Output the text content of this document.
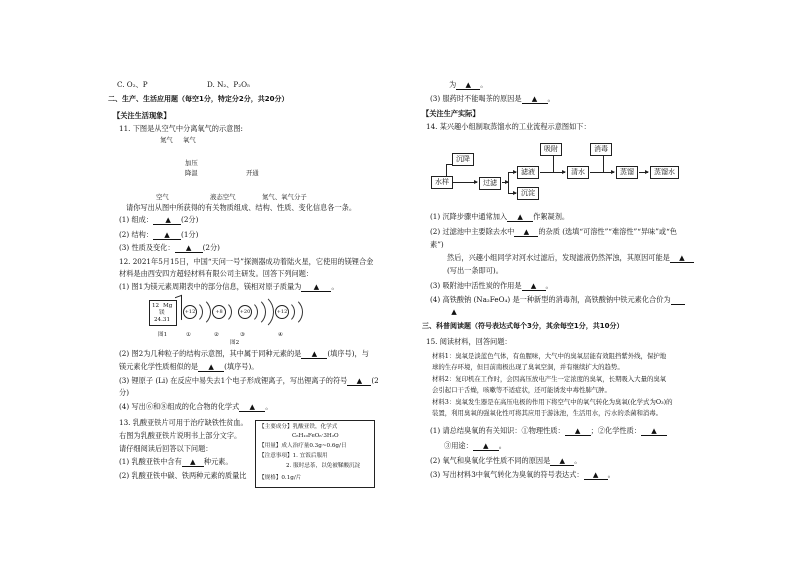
C. O₂、P	D. N₂、P₂O₅
二、生产、生活应用题（每空1分，特定分2分，共20分）
【关注生活现象】
11. 下图是从空气中分离氧气的示意图:
氮气 氧气
加压
降温	开通
空气	液态空气	氮气、氧气分子
请你写出从图中所获得的有关物质组成、结构、性质、变化信息各一条。
(1) 组成： ▲ (2分)
(2) 结构： ▲ (1分)
(3) 性质及变化： ▲ (2分)
12. 2021年5月15日，中国“天问一号”探测器成功着陆火星，它使用的镁锂合金
材料是由西安四方超轻材料有限公司主研发。回答下列问题：
(1) 图1为镁元素周期表中的部分信息，镁相对原子质量为 ▲ 。
12 Mg
镁
24.31
图1
+12	+8	+20	+12
①	②	③	④
图2
(2) 图2为几种粒子的结构示意图，其中属于同种元素的是 ▲ (填序号)，与
镁元素化学性质相似的是 ▲ (填序号)。
(3) 锂原子 (Li) 在反应中易失去1个电子形成锂离子，写出锂离子的符号 ▲ (2
分)
(4) 写出⑥和⑧组成的化合物的化学式 ▲ 。
13. 乳酸亚铁片可用于治疗缺铁性贫血。
右图为乳酸亚铁片说明书上部分文字。
请仔细阅读后回答以下问题：
(1) 乳酸亚铁中含有 ▲ 种元素。
(2) 乳酸亚铁中碳、铁两种元素的质量比
【主要成分】乳酸亚铁，化学式
C₆H₁₀FeO₆·3H₂O
【用量】成人治疗量0.3g~0.6g/日
【注意事项】1. 宜饭后服用
2. 服时忌茶，以免被鞣酸沉淀
【规格】0.1g/片
为 ▲ 。
(3) 服药时不能喝茶的原因是 ▲ 。
【关注生产实际】
14. 某兴趣小组制取蒸馏水的工业流程示意图如下：
水样
沉降
过滤
滤液
沉淀
吸附
清水
消毒
蒸馏	蒸馏水
(1) 沉降步骤中通常加入 ▲ 作絮凝剂。
(2) 过滤池中主要除去水中 ▲ 的杂质 (选填“可溶性”“难溶性”“异味”或“色
素”)
然后，兴趣小组同学对河水过滤后，发现滤液仍然浑浊，其原因可能是 ▲
(写出一条即可)。
(3) 吸附池中活性炭的作用是 ▲ 。
(4) 高铁酸钠 (Na₂FeO₄) 是一种新型的消毒剂，高铁酸钠中铁元素化合价为
▲
三、科普阅读题（符号表达式每个3分，其余每空1分，共10分）
15. 阅读材料，回答问题：
材料1：臭氧是淡蓝色气体，有鱼腥味，大气中的臭氧层能有效阻挡紫外线，保护地
球的生存环境，但目前南极出现了臭氧空洞，并有继续扩大的趋势。
材料2：复印机在工作时，会因高压放电产生一定浓度的臭氧，长期吸入大量的臭氧
会引起口干舌燥，咳嗽等不适症状，还可能诱发中毒性肺气肿。
材料3：臭氧发生器是在高压电极的作用下将空气中的氧气转化为臭氧(化学式为O₃)的
装置，利用臭氧的强氧化性可将其应用于游泳池，生活用水，污水的杀菌和消毒。
(1) 请总结臭氧的有关知识：①物理性质： ▲ ；②化学性质： ▲
③用途： ▲ 。
(2) 氧气和臭氧化学性质不同的原因是 ▲ 。
(3) 写出材料3中氧气转化为臭氧的符号表达式： ▲ 。
